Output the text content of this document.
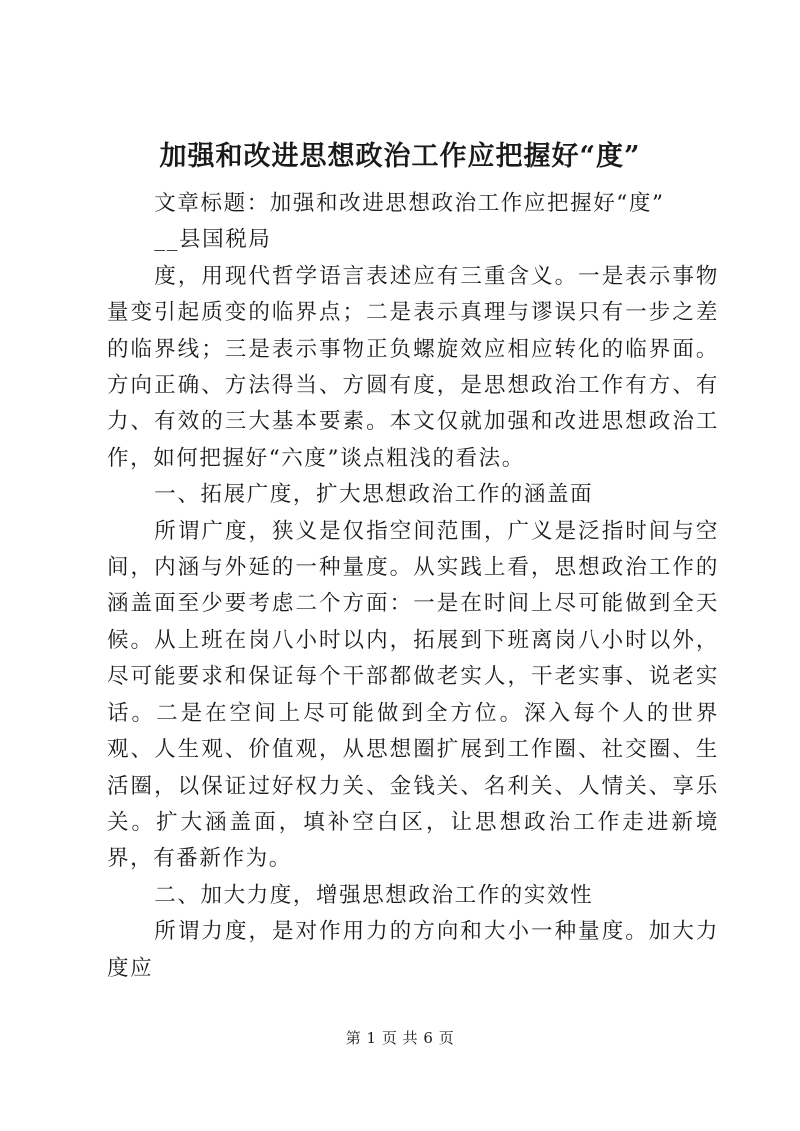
加强和改进思想政治工作应把握好“度”

文章标题：加强和改进思想政治工作应把握好“度”

__县国税局

度，用现代哲学语言表述应有三重含义。一是表示事物量变引起质变的临界点；二是表示真理与谬误只有一步之差的临界线；三是表示事物正负螺旋效应相应转化的临界面。方向正确、方法得当、方圆有度，是思想政治工作有方、有力、有效的三大基本要素。本文仅就加强和改进思想政治工作，如何把握好“六度”谈点粗浅的看法。

一、拓展广度，扩大思想政治工作的涵盖面

所谓广度，狭义是仅指空间范围，广义是泛指时间与空间，内涵与外延的一种量度。从实践上看，思想政治工作的涵盖面至少要考虑二个方面：一是在时间上尽可能做到全天候。从上班在岗八小时以内，拓展到下班离岗八小时以外，尽可能要求和保证每个干部都做老实人，干老实事、说老实话。二是在空间上尽可能做到全方位。深入每个人的世界观、人生观、价值观，从思想圈扩展到工作圈、社交圈、生活圈，以保证过好权力关、金钱关、名利关、人情关、享乐关。扩大涵盖面，填补空白区，让思想政治工作走进新境界，有番新作为。

二、加大力度，增强思想政治工作的实效性

所谓力度，是对作用力的方向和大小一种量度。加大力度应

第 1 页 共 6 页
